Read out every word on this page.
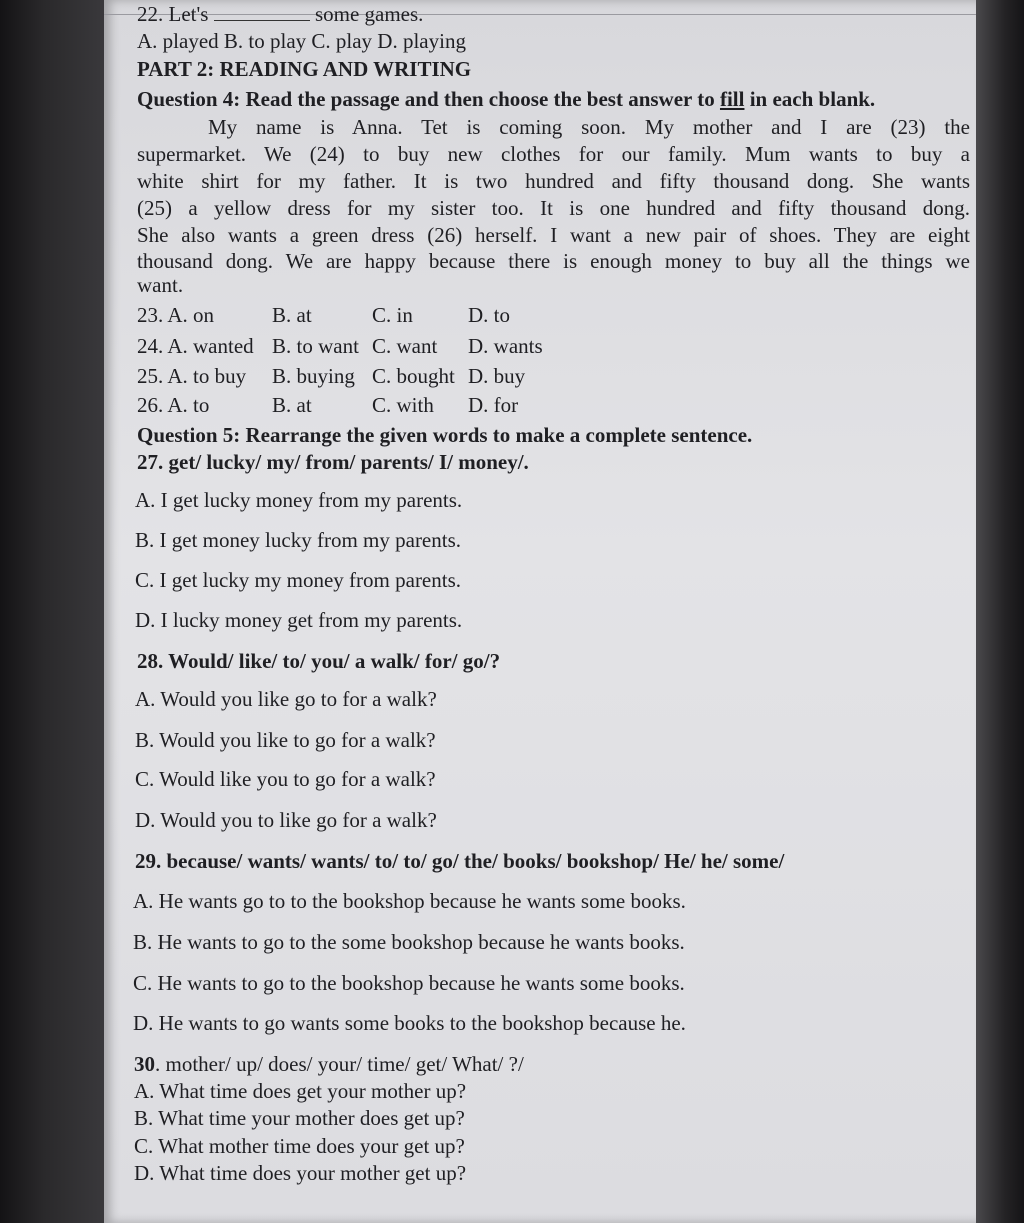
22. Let's	some games.
A. played B. to play C. play D. playing
PART 2: READING AND WRITING
Question 4: Read the passage and then choose the best answer to fill in each blank.
My name is Anna. Tet is coming soon. My mother and I are (23) the
supermarket. We (24) to buy new clothes for our family. Mum wants to buy a
white shirt for my father. It is two hundred and fifty thousand dong. She wants
(25) a yellow dress for my sister too. It is one hundred and fifty thousand dong.
She also wants a green dress (26) herself. I want a new pair of shoes. They are eight
thousand dong. We are happy because there is enough money to buy all the things we
want.
23. A. on	B. at	C. in	D. to
24. A. wanted B. to want C. want D. wants
25. A. to buy B. buying C. bought D. buy
26. A. to	B. at	C. with D. for
Question 5: Rearrange the given words to make a complete sentence.
27. get/ lucky/ my/ from/ parents/ I/ money/.
A. I get lucky money from my parents.
B. I get money lucky from my parents.
C. I get lucky my money from parents.
D. I lucky money get from my parents.
28. Would/ like/ to/ you/ a walk/ for/ go/?
A. Would you like go to for a walk?
B. Would you like to go for a walk?
C. Would like you to go for a walk?
D. Would you to like go for a walk?
29. because/ wants/ wants/ to/ to/ go/ the/ books/ bookshop/ He/ he/ some/
A. He wants go to to the bookshop because he wants some books.
B. He wants to go to the some bookshop because he wants books.
C. He wants to go to the bookshop because he wants some books.
D. He wants to go wants some books to the bookshop because he.
30. mother/ up/ does/ your/ time/ get/ What/ ?/
A. What time does get your mother up?
B. What time your mother does get up?
C. What mother time does your get up?
D. What time does your mother get up?
